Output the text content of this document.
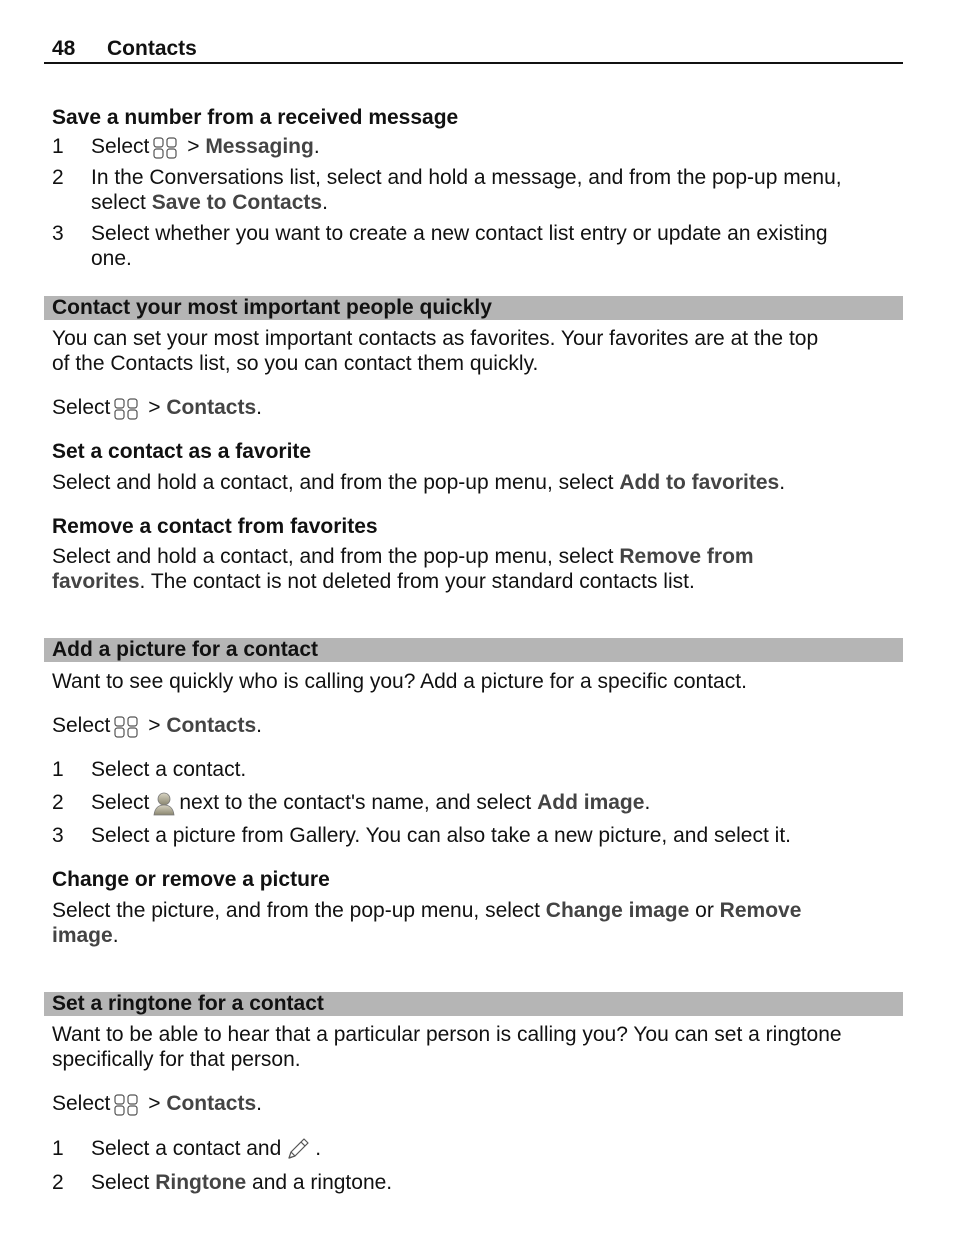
48 Contacts
Save a number from a received message
1	Select > Messaging.
2	In the Conversations list, select and hold a message, and from the pop-up menu,
select Save to Contacts.
3	Select whether you want to create a new contact list entry or update an existing
one.
Contact your most important people quickly
You can set your most important contacts as favorites. Your favorites are at the top
of the Contacts list, so you can contact them quickly.
Select > Contacts.
Set a contact as a favorite
Select and hold a contact, and from the pop-up menu, select Add to favorites.
Remove a contact from favorites
Select and hold a contact, and from the pop-up menu, select Remove from
favorites. The contact is not deleted from your standard contacts list.
Add a picture for a contact
Want to see quickly who is calling you? Add a picture for a specific contact.
Select > Contacts.
1	Select a contact.
2	Select next to the contact's name, and select Add image.
3	Select a picture from Gallery. You can also take a new picture, and select it.
Change or remove a picture
Select the picture, and from the pop-up menu, select Change image or Remove
image.
Set a ringtone for a contact
Want to be able to hear that a particular person is calling you? You can set a ringtone
specifically for that person.
Select > Contacts.
1	Select a contact and .
2	Select Ringtone and a ringtone.
